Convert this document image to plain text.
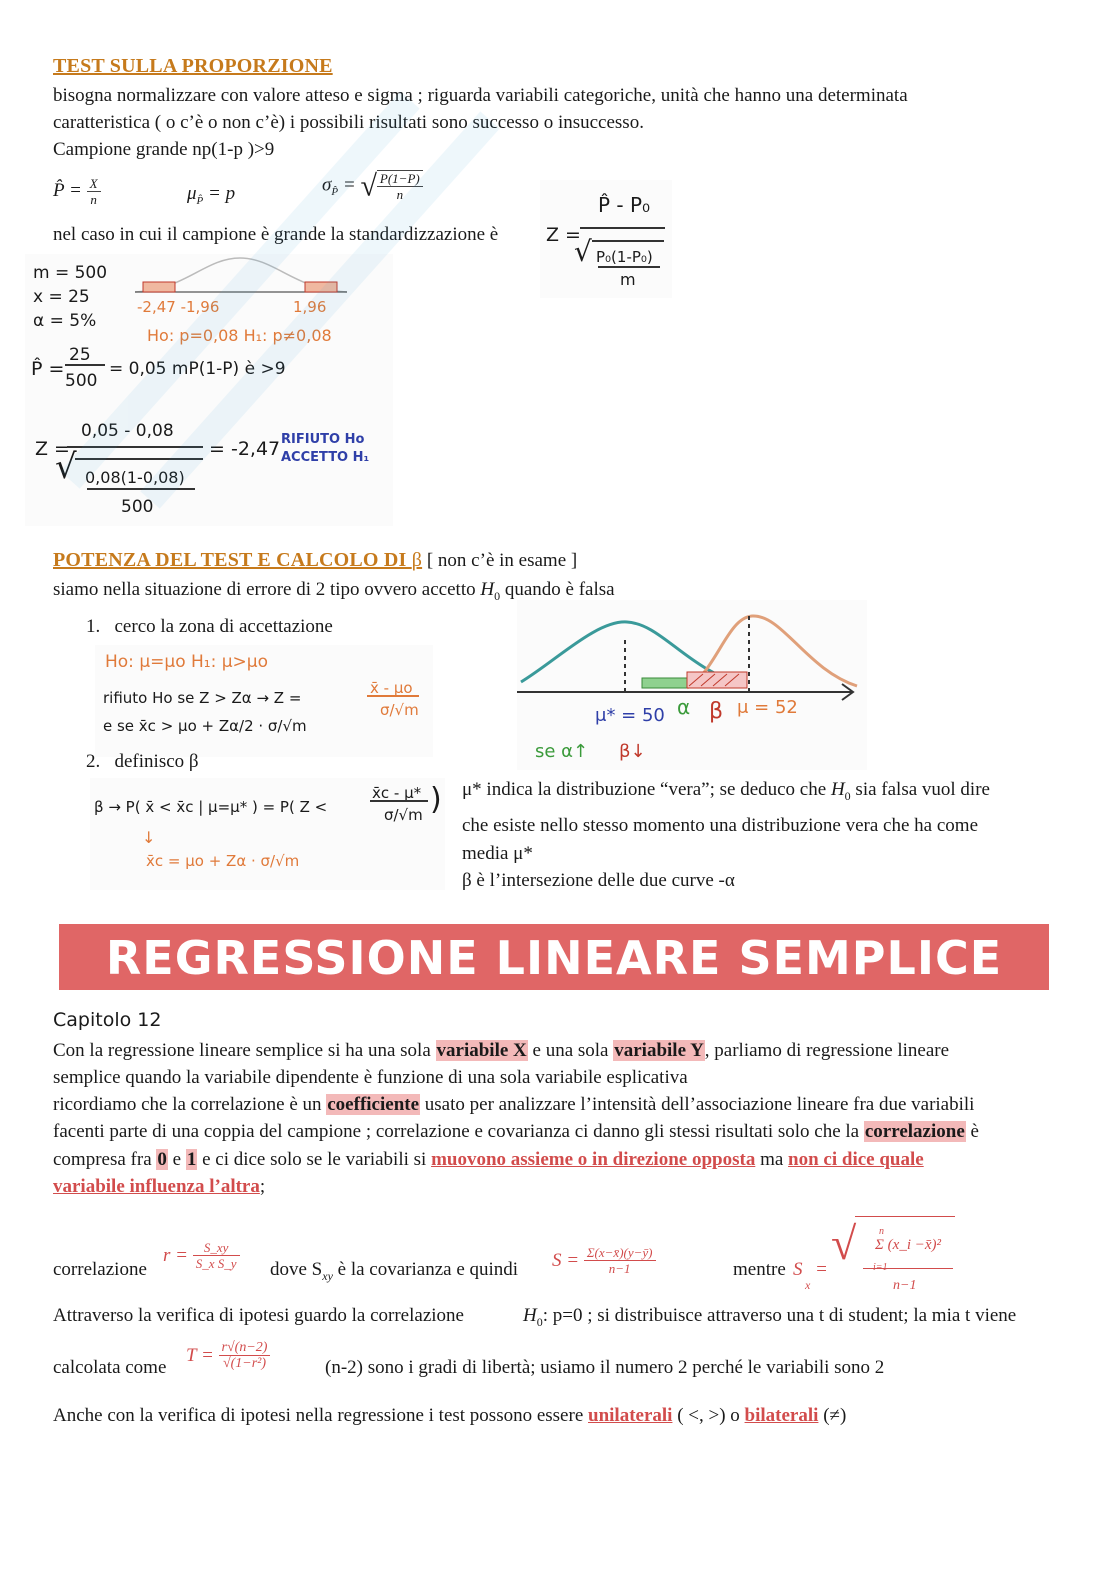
TEST SULLA PROPORZIONE
bisogna normalizzare con valore atteso e sigma ; riguarda variabili categoriche, unità che hanno una determinata
caratteristica ( o c’è o non c’è) i possibili risultati sono successo o insuccesso.
Campione grande np(1-p )>9
P̂ = $\frac{X}{n}$	$\mu_{P̂} = p$	$\sigma_{P̂}$ = √ $\frac{P(1-P)}{n}$
nel caso in cui il campione è grande la standardizzazione è	Z =
P̂ - P₀
√ P₀(1-P₀)
m
m = 500
x = 25
α = 5%
-2,47 -1,96	1,96
Ho: p=0,08 H₁: p≠0,08
P̂ =
25
500
= 0,05 mP(1-P) è >9
Z =
0,05 - 0,08
√ 0,08(1-0,08)
500
= -2,47 RIFIUTO Ho
ACCETTO H₁
POTENZA DEL TEST E CALCOLO DI β [ non c’è in esame ]
siamo nella situazione di errore di 2 tipo ovvero accetto $H_0$ quando è falsa
1. cerco la zona di accettazione
Ho: μ=μo H₁: μ>μo
rifiuto Ho se Z > Zα → Z =
x̄ - μo
σ/√m
e se x̄c > μo + Zα/2 · σ/√m	μ* = 50 α β μ = 52
se α↑ β↓
2. definisco β
β → P( x̄ < x̄c | μ=μ* ) = P( Z <
x̄c - μ*
σ/√m )
↓
x̄c = μo + Zα · σ/√m
μ* indica la distribuzione “vera”; se deduco che $H_0$ sia falsa vuol dire
che esiste nello stesso momento una distribuzione vera che ha come
media μ*
β è l’intersezione delle due curve -α
REGRESSIONE LINEARE SEMPLICE
Capitolo 12
Con la regressione lineare semplice si ha una sola variabile X e una sola variabile Y, parliamo di regressione lineare
semplice quando la variabile dipendente è funzione di una sola variabile esplicativa
ricordiamo che la correlazione è un coefficiente usato per analizzare l’intensità dell’associazione lineare fra due variabili
facenti parte di una coppia del campione ; correlazione e covarianza ci danno gli stessi risultati solo che la correlazione è
compresa fra 0 e 1 e ci dice solo se le variabili si muovono assieme o in direzione opposta ma non ci dice quale
variabile influenza l’altra;
correlazione
$r = \frac{S\_xy}{\text{S\_x S\_y}}$ dove $S_{xy}$ è la covarianza e quindi $S = \frac{\Sigma(x-x̄)(y-ȳ)}{n-1}$	mentre S
x
=
√ n
Σ (x_i −x̄)²
i=1
n−1
Attraverso la verifica di ipotesi guardo la correlazione	$H_0$: p=0 ; si distribuisce attraverso una t di student; la mia t viene
calcolata come
$T = \frac{r√(n-2)}{\text{√(1−r²)}}$	(n-2) sono i gradi di libertà; usiamo il numero 2 perché le variabili sono 2
Anche con la verifica di ipotesi nella regressione i test possono essere unilaterali ( <, >) o bilaterali (≠)
